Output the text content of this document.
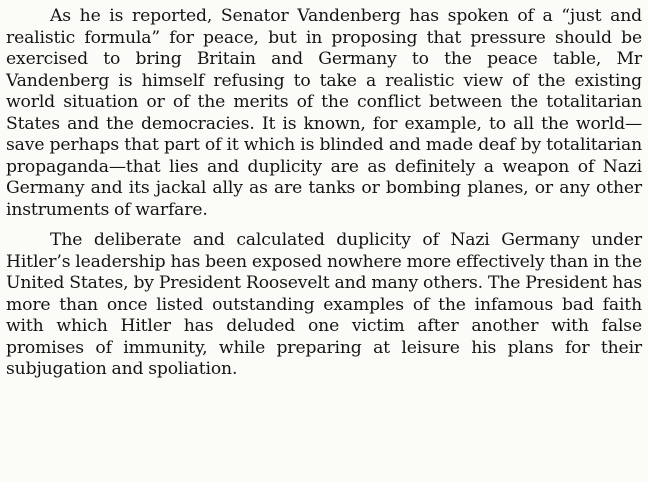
As he is reported, Senator Vandenberg has spoken of a “just and realistic formula” for peace, but in proposing that pressure should be exercised to bring Britain and Germany to the peace table, Mr Vandenberg is himself refusing to take a realistic view of the existing world situation or of the merits of the conflict between the totalitarian States and the democracies. It is known, for example, to all the world—save perhaps that part of it which is blinded and made deaf by totalitarian propaganda—that lies and duplicity are as definitely a weapon of Nazi Germany and its jackal ally as are tanks or bombing planes, or any other instruments of warfare.

The deliberate and calculated duplicity of Nazi Germany under Hitler’s leadership has been exposed nowhere more effectively than in the United States, by President Roosevelt and many others. The President has more than once listed outstanding examples of the infamous bad faith with which Hitler has deluded one victim after another with false promises of immunity, while preparing at leisure his plans for their subjugation and spoliation.
